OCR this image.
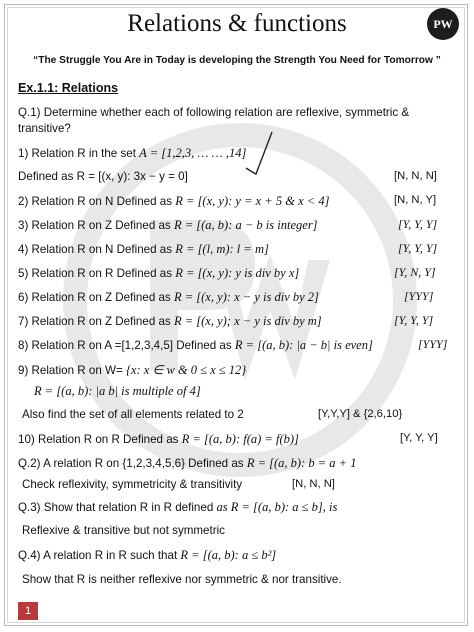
Relations & functions	PW
“The Struggle You Are in Today is developing the Strength You Need for Tomorrow ”
Ex.1.1: Relations
Q.1) Determine whether each of following relation are reflexive, symmetric &
transitive?
1) Relation R in the set A = [1,2,3, … … ,14]
Defined as R = [(x, y): 3x − y = 0]	[N, N, N]
2) Relation R on N Defined as R = [(x, y): y = x + 5 & x < 4]	[N, N, Y]
3) Relation R on Z Defined as R = [(a, b): a − b is integer]	[Y, Y, Y]
4) Relation R on N Defined as R = [(l, m): l = m]	[Y, Y, Y]
5) Relation R on R Defined as R = [(x, y): y is div by x]	[Y, N, Y]
6) Relation R on Z Defined as R = [(x, y): x − y is div by 2]	[YYY]
7) Relation R on Z Defined as R = [(x, y); x − y is div by m]	[Y, Y, Y]
8) Relation R on A =[1,2,3,4,5] Defined as R = [(a, b): |a − b| is even]	[YYY]
9) Relation R on W= {x: x ∈ w & 0 ≤ x ≤ 12}
R = [(a, b): |a b| is multiple of 4]
Also find the set of all elements related to 2	[Y,Y,Y] & {2,6,10}
10) Relation R on R Defined as R = [(a, b): f(a) = f(b)]	[Y, Y, Y]
Q.2) A relation R on {1,2,3,4,5,6} Defined as R = [(a, b): b = a + 1
Check reflexivity, symmetricity & transitivity	[N, N, N]
Q.3) Show that relation R in R defined as R = [(a, b): a ≤ b], is
Reflexive & transitive but not symmetric
Q.4) A relation R in R such that R = [(a, b): a ≤ b²]
Show that R is neither reflexive nor symmetric & nor transitive.
1
